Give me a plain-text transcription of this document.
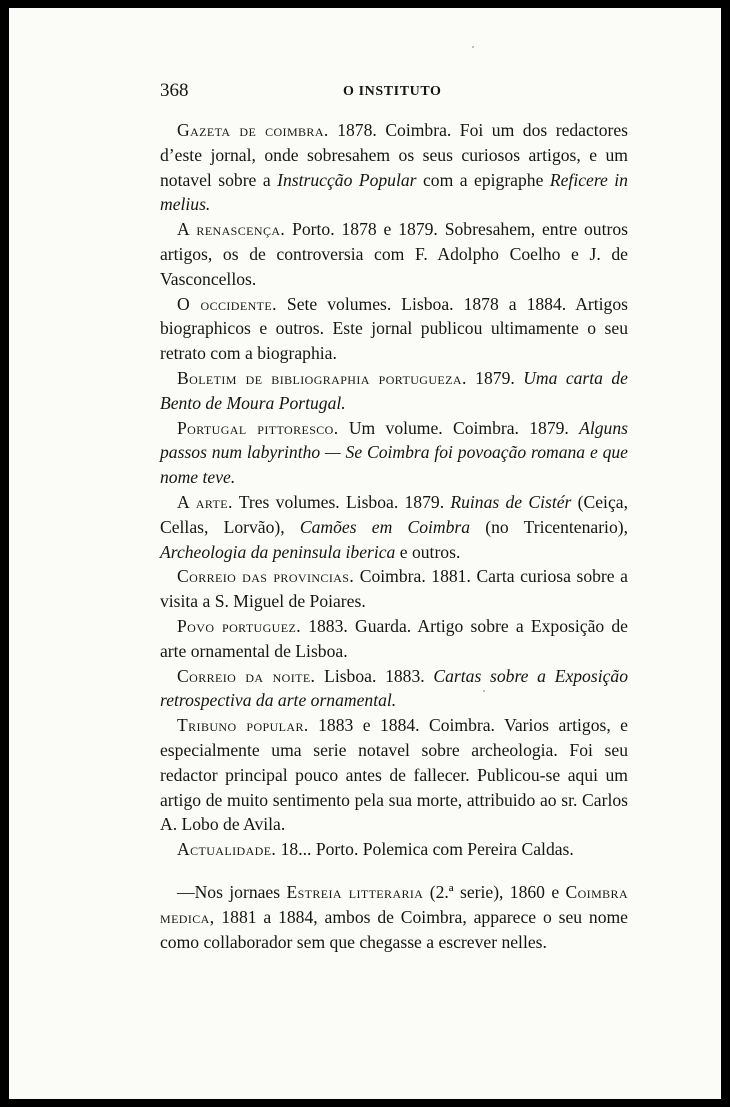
368	O INSTITUTO

Gazeta de coimbra. 1878. Coimbra. Foi um dos redactores d’este jornal, onde sobresahem os seus curiosos artigos, e um notavel sobre a Instrucção Popular com a epigraphe Reficere in melius.

A renascença. Porto. 1878 e 1879. Sobresahem, entre outros artigos, os de controversia com F. Adolpho Coelho e J. de Vasconcellos.

O occidente. Sete volumes. Lisboa. 1878 a 1884. Artigos biographicos e outros. Este jornal publicou ultimamente o seu retrato com a biographia.

Boletim de bibliographia portugueza. 1879. Uma carta de Bento de Moura Portugal.

Portugal pittoresco. Um volume. Coimbra. 1879. Alguns passos num labyrintho — Se Coimbra foi povoação romana e que nome teve.

A arte. Tres volumes. Lisboa. 1879. Ruinas de Cistér (Ceiça, Cellas, Lorvão), Camões em Coimbra (no Tricentenario), Archeologia da peninsula iberica e outros.

Correio das provincias. Coimbra. 1881. Carta curiosa sobre a visita a S. Miguel de Poiares.

Povo portuguez. 1883. Guarda. Artigo sobre a Exposição de arte ornamental de Lisboa.

Correio da noite. Lisboa. 1883. Cartas sobre a Exposição retrospectiva da arte ornamental.

Tribuno popular. 1883 e 1884. Coimbra. Varios artigos, e especialmente uma serie notavel sobre archeologia. Foi seu redactor principal pouco antes de fallecer. Publicou-se aqui um artigo de muito sentimento pela sua morte, attribuido ao sr. Carlos A. Lobo de Avila.

Actualidade. 18... Porto. Polemica com Pereira Caldas.

—Nos jornaes Estreia litteraria (2.ª serie), 1860 e Coimbra medica, 1881 a 1884, ambos de Coimbra, apparece o seu nome como collaborador sem que chegasse a escrever nelles.
